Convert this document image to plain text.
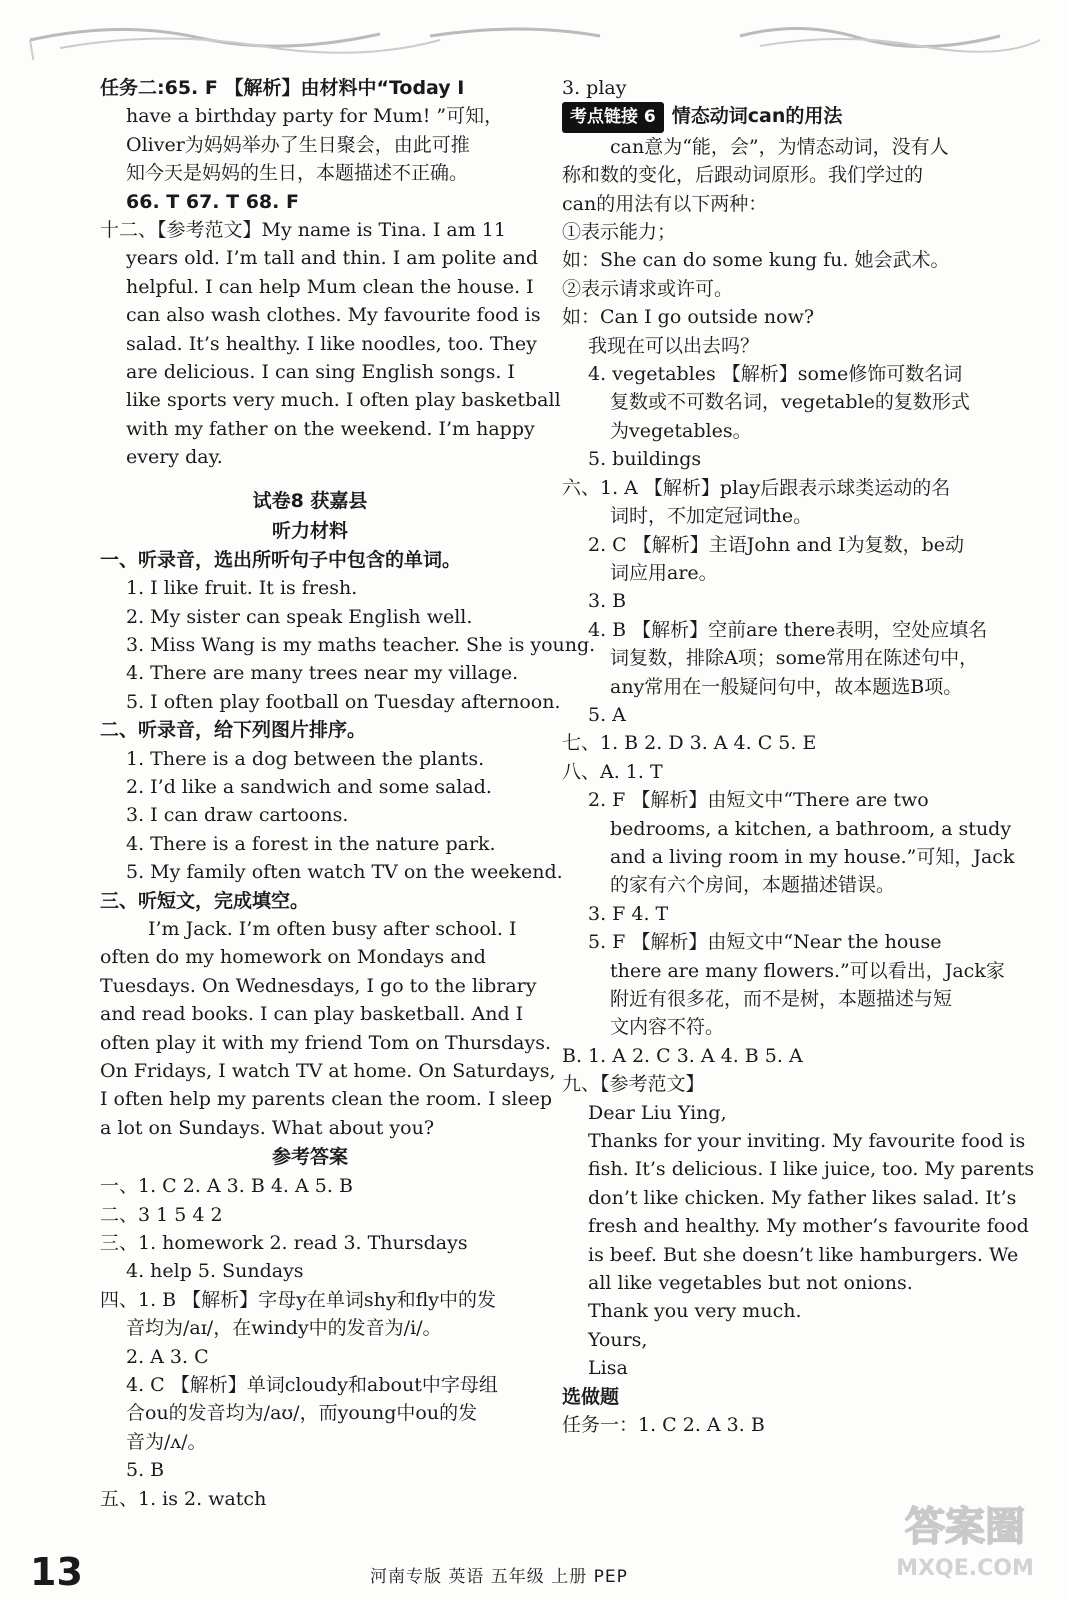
任务二:65. F 【解析】由材料中“Today I
have a birthday party for Mum! ”可知，
Oliver为妈妈举办了生日聚会，由此可推
知今天是妈妈的生日，本题描述不正确。
66. T 67. T 68. F
十二、【参考范文】My name is Tina. I am 11
years old. I’m tall and thin. I am polite and
helpful. I can help Mum clean the house. I
can also wash clothes. My favourite food is
salad. It’s healthy. I like noodles, too. They
are delicious. I can sing English songs. I
like sports very much. I often play basketball
with my father on the weekend. I’m happy
every day.
试卷8 获嘉县
听力材料
一、听录音，选出所听句子中包含的单词。
1. I like fruit. It is fresh.
2. My sister can speak English well.
3. Miss Wang is my maths teacher. She is young.
4. There are many trees near my village.
5. I often play football on Tuesday afternoon.
二、听录音，给下列图片排序。
1. There is a dog between the plants.
2. I’d like a sandwich and some salad.
3. I can draw cartoons.
4. There is a forest in the nature park.
5. My family often watch TV on the weekend.
三、听短文，完成填空。
I’m Jack. I’m often busy after school. I
often do my homework on Mondays and
Tuesdays. On Wednesdays, I go to the library
and read books. I can play basketball. And I
often play it with my friend Tom on Thursdays.
On Fridays, I watch TV at home. On Saturdays,
I often help my parents clean the room. I sleep
a lot on Sundays. What about you?
参考答案
一、1. C 2. A 3. B 4. A 5. B
二、3 1 5 4 2
三、1. homework 2. read 3. Thursdays
4. help 5. Sundays
四、1. B 【解析】字母y在单词shy和fly中的发
音均为/aɪ/，在windy中的发音为/i/。
2. A 3. C
4. C 【解析】单词cloudy和about中字母组
合ou的发音均为/aʊ/，而young中ou的发
音为/ʌ/。
5. B
五、1. is 2. watch
3. play
考点链接 6 情态动词can的用法
can意为“能，会”，为情态动词，没有人
称和数的变化，后跟动词原形。我们学过的
can的用法有以下两种：
①表示能力；
如：She can do some kung fu. 她会武术。
②表示请求或许可。
如：Can I go outside now?
我现在可以出去吗？
4. vegetables 【解析】some修饰可数名词
复数或不可数名词，vegetable的复数形式
为vegetables。
5. buildings
六、1. A 【解析】play后跟表示球类运动的名
词时，不加定冠词the。
2. C 【解析】主语John and I为复数，be动
词应用are。
3. B
4. B 【解析】空前are there表明，空处应填名
词复数，排除A项；some常用在陈述句中，
any常用在一般疑问句中，故本题选B项。
5. A
七、1. B 2. D 3. A 4. C 5. E
八、A. 1. T
2. F 【解析】由短文中“There are two
bedrooms, a kitchen, a bathroom, a study
and a living room in my house.”可知，Jack
的家有六个房间，本题描述错误。
3. F 4. T
5. F 【解析】由短文中“Near the house
there are many flowers.”可以看出，Jack家
附近有很多花，而不是树，本题描述与短
文内容不符。
B. 1. A 2. C 3. A 4. B 5. A
九、【参考范文】
Dear Liu Ying,
Thanks for your inviting. My favourite food is
fish. It’s delicious. I like juice, too. My parents
don’t like chicken. My father likes salad. It’s
fresh and healthy. My mother’s favourite food
is beef. But she doesn’t like hamburgers. We
all like vegetables but not onions.
Thank you very much.
Yours,
Lisa
选做题
任务一：1. C 2. A 3. B
13	河南专版 英语 五年级 上册 PEP
答案圈
MXQE.COM
